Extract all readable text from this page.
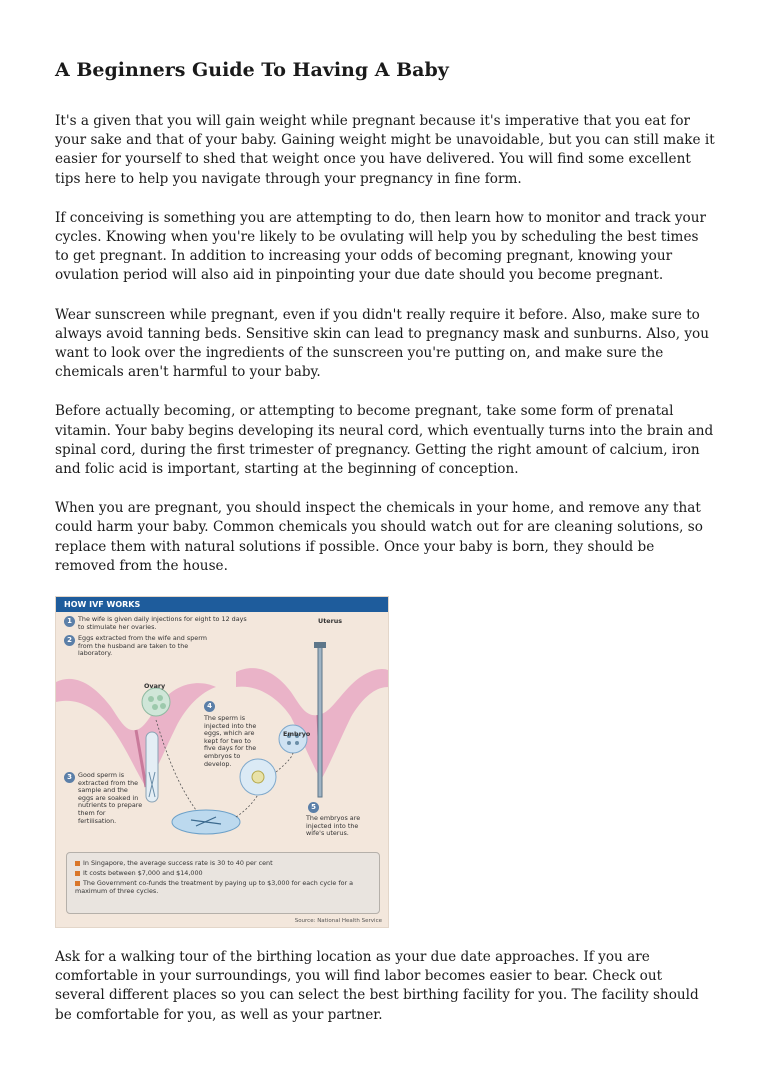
A Beginners Guide To Having A Baby

It's a given that you will gain weight while pregnant because it's imperative that you eat for your sake and that of your baby. Gaining weight might be unavoidable, but you can still make it easier for yourself to shed that weight once you have delivered. You will find some excellent tips here to help you navigate through your pregnancy in fine form.

If conceiving is something you are attempting to do, then learn how to monitor and track your cycles. Knowing when you're likely to be ovulating will help you by scheduling the best times to get pregnant. In addition to increasing your odds of becoming pregnant, knowing your ovulation period will also aid in pinpointing your due date should you become pregnant.

Wear sunscreen while pregnant, even if you didn't really require it before. Also, make sure to always avoid tanning beds. Sensitive skin can lead to pregnancy mask and sunburns. Also, you want to look over the ingredients of the sunscreen you're putting on, and make sure the chemicals aren't harmful to your baby.

Before actually becoming, or attempting to become pregnant, take some form of prenatal vitamin. Your baby begins developing its neural cord, which eventually turns into the brain and spinal cord, during the first trimester of pregnancy. Getting the right amount of calcium, iron and folic acid is important, starting at the beginning of conception.

When you are pregnant, you should inspect the chemicals in your home, and remove any that could harm your baby. Common chemicals you should watch out for are cleaning solutions, so replace them with natural solutions if possible. Once your baby is born, they should be removed from the house.

HOW IVF WORKS
1 The wife is given daily injections for eight to 12 days to stimulate her ovaries.
2 Eggs extracted from the wife and sperm from the husband are taken to the laboratory.
3 Good sperm is extracted from the sample and the eggs are soaked in nutrients to prepare them for fertilisation.
4
The sperm is injected into the eggs, which are kept for two to five days for the embryos to develop.
5
The embryos are injected into the wife's uterus.
Uterus
Ovary
Embryo
In Singapore, the average success rate is 30 to 40 per cent
It costs between $7,000 and $14,000
The Government co-funds the treatment by paying up to $3,000 for each cycle for a maximum of three cycles.
Source: National Health Service

Ask for a walking tour of the birthing location as your due date approaches. If you are comfortable in your surroundings, you will find labor becomes easier to bear. Check out several different places so you can select the best birthing facility for you. The facility should be comfortable for you, as well as your partner.
